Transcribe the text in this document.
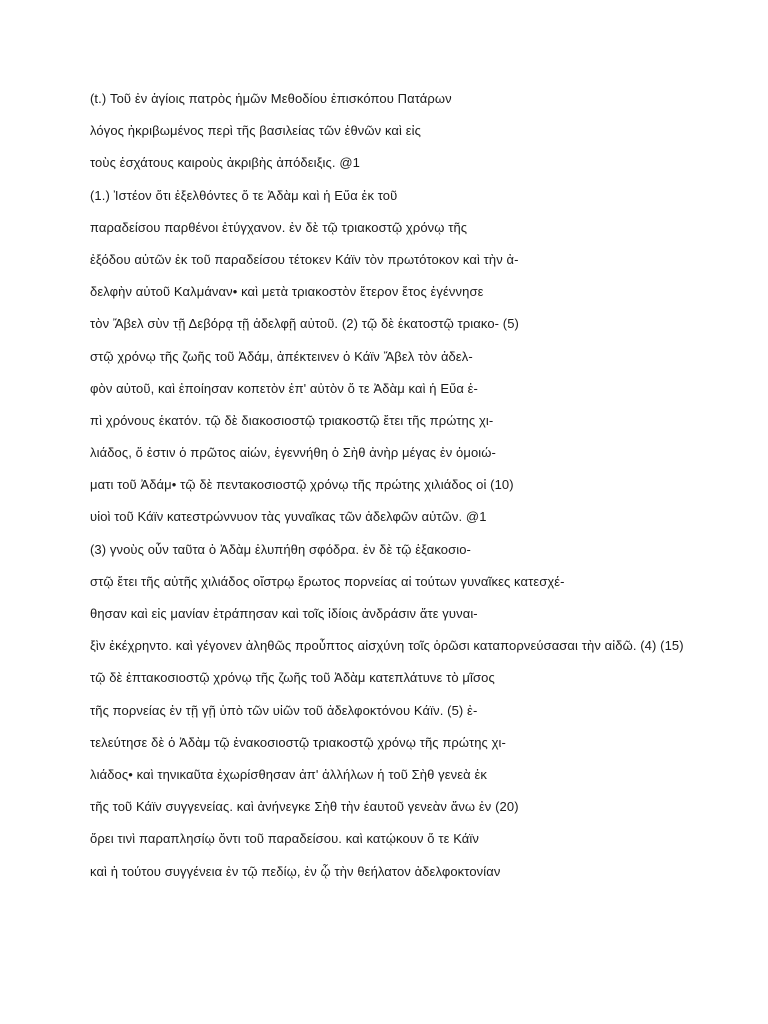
(t.) Τοῦ ἐν ἁγίοις πατρὸς ἡμῶν Μεθοδίου ἐπισκόπου Πατάρων
λόγος ἠκριβωμένος περὶ τῆς βασιλείας τῶν ἐθνῶν καὶ εἰς
τοὺς ἐσχάτους καιροὺς ἀκριβὴς ἀπόδειξις. @1
(1.) Ἰστέον ὅτι ἐξελθόντες ὅ τε Ἀδὰμ καὶ ἡ Εὔα ἐκ τοῦ
παραδείσου παρθένοι ἐτύγχανον. ἐν δὲ τῷ τριακοστῷ χρόνῳ τῆς
ἐξόδου αὐτῶν ἐκ τοῦ παραδείσου τέτοκεν Κάϊν τὸν πρωτότοκον καὶ τὴν ἀ-
δελφὴν αὐτοῦ Καλμάναν• καὶ μετὰ τριακοστὸν ἕτερον ἔτος ἐγέννησε
τὸν Ἄβελ σὺν τῇ Δεβόρᾳ τῇ ἀδελφῇ αὐτοῦ. (2) τῷ δὲ ἑκατοστῷ τριακο- (5)
στῷ χρόνῳ τῆς ζωῆς τοῦ Ἀδάμ, ἀπέκτεινεν ὁ Κάϊν Ἄβελ τὸν ἀδελ-
φὸν αὐτοῦ, καὶ ἐποίησαν κοπετὸν ἐπ' αὐτὸν ὅ τε Ἀδὰμ καὶ ἡ Εὔα ἐ-
πὶ χρόνους ἑκατόν. τῷ δὲ διακοσιοστῷ τριακοστῷ ἔτει τῆς πρώτης χι-
λιάδος, ὅ ἐστιν ὁ πρῶτος αἰών, ἐγεννήθη ὁ Σὴθ ἀνὴρ μέγας ἐν ὁμοιώ-
ματι τοῦ Ἀδάμ• τῷ δὲ πεντακοσιοστῷ χρόνῳ τῆς πρώτης χιλιάδος οἱ (10)
υἱοὶ τοῦ Κάϊν κατεστρώννυον τὰς γυναῖκας τῶν ἀδελφῶν αὐτῶν. @1
(3) γνοὺς οὖν ταῦτα ὁ Ἀδὰμ ἐλυπήθη σφόδρα. ἐν δὲ τῷ ἑξακοσιο-
στῷ ἔτει τῆς αὐτῆς χιλιάδος οἴστρῳ ἔρωτος πορνείας αἱ τούτων γυναῖκες κατεσχέ-
θησαν καὶ εἰς μανίαν ἐτράπησαν καὶ τοῖς ἰδίοις ἀνδράσιν ἅτε γυναι-
ξὶν ἐκέχρηντο. καὶ γέγονεν ἀληθῶς προὖπτος αἰσχύνη τοῖς ὁρῶσι καταπορνεύσασαι τὴν αἰδῶ. (4) (15)
τῷ δὲ ἑπτακοσιοστῷ χρόνῳ τῆς ζωῆς τοῦ Ἀδὰμ κατεπλάτυνε τὸ μῖσος
τῆς πορνείας ἐν τῇ γῇ ὑπὸ τῶν υἱῶν τοῦ ἀδελφοκτόνου Κάϊν. (5) ἐ-
τελεύτησε δὲ ὁ Ἀδὰμ τῷ ἐνακοσιοστῷ τριακοστῷ χρόνῳ τῆς πρώτης χι-
λιάδος• καὶ τηνικαῦτα ἐχωρίσθησαν ἀπ' ἀλλήλων ἡ τοῦ Σὴθ γενεὰ ἐκ
τῆς τοῦ Κάϊν συγγενείας. καὶ ἀνήνεγκε Σὴθ τὴν ἑαυτοῦ γενεὰν ἄνω ἐν (20)
ὄρει τινὶ παραπλησίῳ ὄντι τοῦ παραδείσου. καὶ κατῴκουν ὅ τε Κάϊν
καὶ ἡ τούτου συγγένεια ἐν τῷ πεδίῳ, ἐν ᾧ τὴν θεήλατον ἀδελφοκτονίαν
